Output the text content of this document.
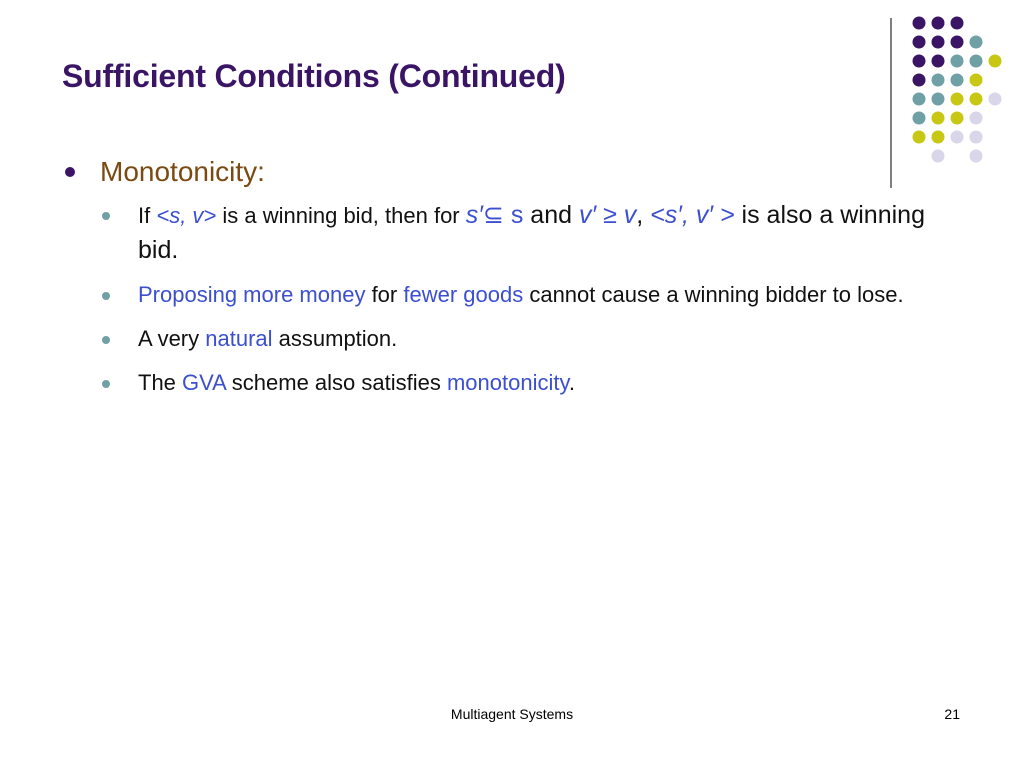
Sufficient Conditions (Continued)
Monotonicity:
If <s, v> is a winning bid, then for s′⊆ s and v′ ≥ v, <s′, v′ > is also a winning bid.
Proposing more money for fewer goods cannot cause a winning bidder to lose.
A very natural assumption.
The GVA scheme also satisfies monotonicity.
Multiagent Systems	21
